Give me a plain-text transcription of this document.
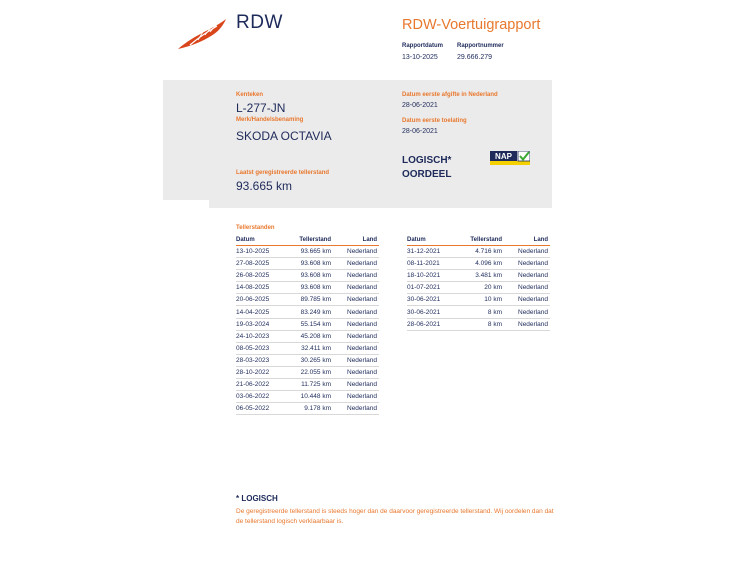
RDW	RDW-Voertuigrapport
Rapportdatum
13-10-2025
Rapportnummer
29.666.279
Kenteken
L-277-JN
Merk/Handelsbenaming
SKODA OCTAVIA
Laatst geregistreerde tellerstand
93.665 km
Datum eerste afgifte in Nederland
28-06-2021
Datum eerste toelating
28-06-2021
LOGISCH* OORDEEL
NAP
Tellerstanden
Datum	Tellerstand	Land
13-10-2025	93.665 km	Nederland
27-08-2025	93.608 km	Nederland
26-08-2025	93.608 km	Nederland
14-08-2025	93.608 km	Nederland
20-06-2025	89.785 km	Nederland
14-04-2025	83.249 km	Nederland
19-03-2024	55.154 km	Nederland
24-10-2023	45.208 km	Nederland
08-05-2023	32.411 km	Nederland
28-03-2023	30.265 km	Nederland
28-10-2022	22.055 km	Nederland
21-06-2022	11.725 km	Nederland
03-06-2022	10.448 km	Nederland
06-05-2022	9.178 km	Nederland
Datum	Tellerstand	Land
31-12-2021	4.716 km	Nederland
08-11-2021	4.096 km	Nederland
18-10-2021	3.481 km	Nederland
01-07-2021	20 km	Nederland
30-06-2021	10 km	Nederland
30-06-2021	8 km	Nederland
28-06-2021	8 km	Nederland
* LOGISCH
De geregistreerde tellerstand is steeds hoger dan de daarvoor geregistreerde tellerstand. Wij oordelen dan dat de tellerstand logisch verklaarbaar is.
